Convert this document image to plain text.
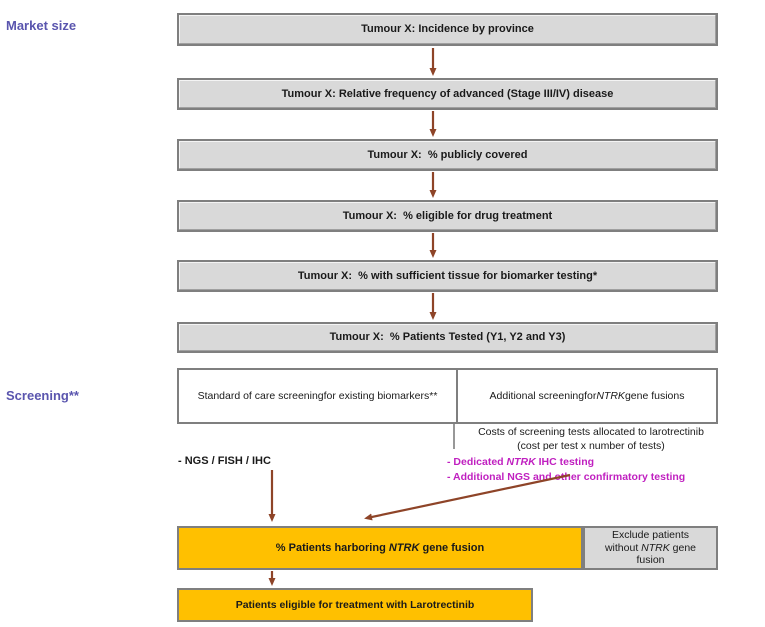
Market size
Screening**
Tumour X: Incidence by province
Tumour X: Relative frequency of advanced (Stage III/IV) disease
Tumour X:  % publicly covered
Tumour X:  % eligible for drug treatment
Tumour X:  % with sufficient tissue for biomarker testing*
Tumour X:  % Patients Tested (Y1, Y2 and Y3)
Standard of care screening for existing biomarkers**	Additional screening for NTRK gene fusions
Costs of screening tests allocated to larotrectinib
(cost per test x number of tests)
- Dedicated NTRK IHC testing
- Additional NGS and other confirmatory testing
- NGS / FISH / IHC
% Patients harboring NTRK gene fusion
Exclude patients
without NTRK gene
fusion
Patients eligible for treatment with Larotrectinib
